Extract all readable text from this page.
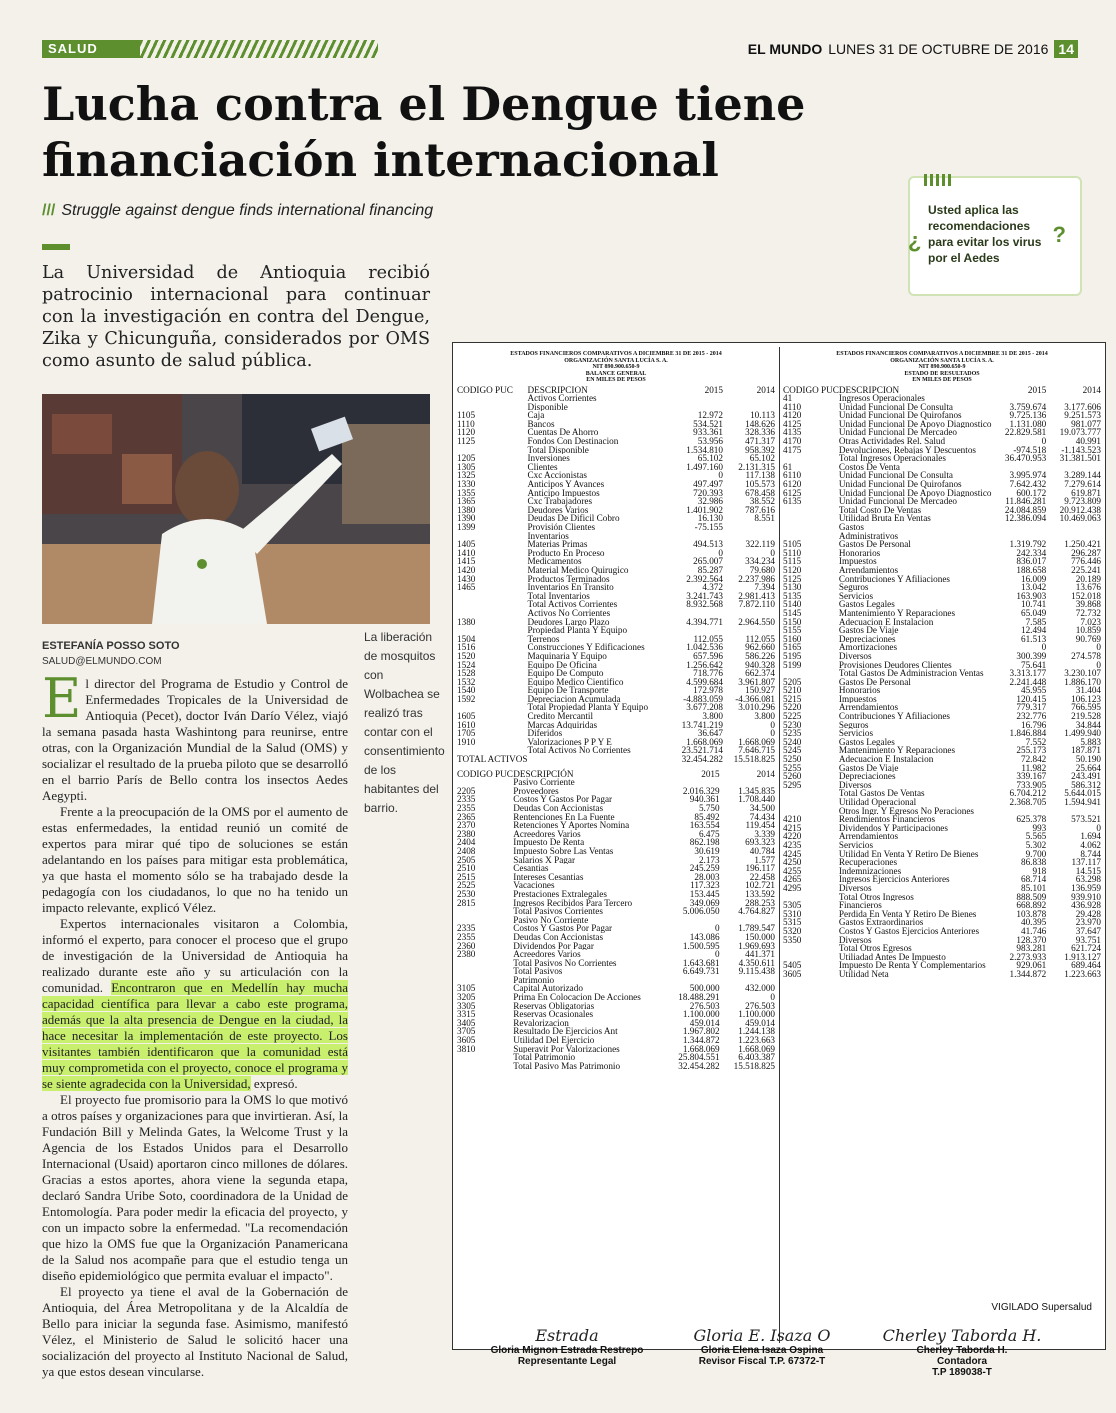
SALUD	EL MUNDO LUNES 31 DE OCTUBRE DE 2016 14
Lucha contra el Dengue tiene financiación internacional
/// Struggle against dengue finds international financing
La Universidad de Antioquia recibió patrocinio internacional para continuar con la investigación en contra del Dengue, Zika y Chicunguña, considerados por OMS como asunto de salud pública.
¿
Usted aplica las recomendaciones para evitar los virus por el Aedes
?
La liberación de mosquitos con Wolbachea se realizó tras contar con el consentimiento de los habitantes del barrio.
ESTEFANÍA POSSO SOTO
SALUD@ELMUNDO.COM

El director del Programa de Estudio y Control de Enfermedades Tropicales de la Universidad de Antioquia (Pecet), doctor Iván Darío Vélez, viajó la semana pasada hasta Washintong para reunirse, entre otras, con la Organización Mundial de la Salud (OMS) y socializar el resultado de la prueba piloto que se desarrolló en el barrio París de Bello contra los insectos Aedes Aegypti.

Frente a la preocupación de la OMS por el aumento de estas enfermedades, la entidad reunió un comité de expertos para mirar qué tipo de soluciones se están adelantando en los países para mitigar esta problemática, ya que hasta el momento sólo se ha trabajado desde la pedagogía con los ciudadanos, lo que no ha tenido un impacto relevante, explicó Vélez.

Expertos internacionales visitaron a Colombia, informó el experto, para conocer el proceso que el grupo de investigación de la Universidad de Antioquia ha realizado durante este año y su articulación con la comunidad. Encontraron que en Medellín hay mucha capacidad científica para llevar a cabo este programa, además que la alta presencia de Dengue en la ciudad, la hace necesitar la implementación de este proyecto. Los visitantes también identificaron que la comunidad está muy comprometida con el proyecto, conoce el programa y se siente agradecida con la Universidad, expresó.

El proyecto fue promisorio para la OMS lo que motivó a otros países y organizaciones para que invirtieran. Así, la Fundación Bill y Melinda Gates, la Welcome Trust y la Agencia de los Estados Unidos para el Desarrollo Internacional (Usaid) aportaron cinco millones de dólares. Gracias a estos aportes, ahora viene la segunda etapa, declaró Sandra Uribe Soto, coordinadora de la Unidad de Entomología. Para poder medir la eficacia del proyecto, y con un impacto sobre la enfermedad. "La recomendación que hizo la OMS fue que la Organización Panamericana de la Salud nos acompañe para que el estudio tenga un diseño epidemiológico que permita evaluar el impacto".

El proyecto ya tiene el aval de la Gobernación de Antioquia, del Área Metropolitana y de la Alcaldía de Bello para iniciar la segunda fase. Asimismo, manifestó Vélez, el Ministerio de Salud le solicitó hacer una socialización del proyecto al Instituto Nacional de Salud, ya que estos desean vincularse.

ESTADOS FINANCIEROS COMPARATIVOS A DICIEMBRE 31 DE 2015 - 2014
ORGANIZACIÓN SANTA LUCÍA S. A.
NIT 890.900.650-9
BALANCE GENERAL
EN MILES DE PESOS
CODIGO PUC	DESCRIPCION	2015	2014
	Activos Corrientes		
	Disponible		
1105	Caja	12.972	10.113
1110	Bancos	534.521	148.626
1120	Cuentas De Ahorro	933.361	328.336
1125	Fondos Con Destinacion	53.956	471.317
	Total Disponible	1.534.810	958.392
1205	Inversiones	65.102	65.102
1305	Clientes	1.497.160	2.131.315
1325	Cxc Accionistas	0	117.138
1330	Anticipos Y Avances	497.497	105.573
1355	Anticipo Impuestos	720.393	678.458
1365	Cxc Trabajadores	32.986	38.552
1380	Deudores Varios	1.401.902	787.616
1390	Deudas De Dificil Cobro	16.130	8.551
1399	Provisión Clientes	-75.155	
	Inventarios		
1405	Materias Primas	494.513	322.119
1410	Producto En Proceso	0	0
1415	Medicamentos	265.007	334.234
1420	Material Medico Quirugico	85.287	79.680
1430	Productos Terminados	2.392.564	2.237.986
1465	Inventarios En Transito	4.372	7.394
	Total Inventarios	3.241.743	2.981.413
	Total Activos Corrientes	8.932.568	7.872.110
	Activos No Corrientes		
1380	Deudores Largo Plazo	4.394.771	2.964.550
	Propiedad Planta Y Equipo		
1504	Terrenos	112.055	112.055
1516	Construcciones Y Edificaciones	1.042.536	962.660
1520	Maquinaria Y Equipo	657.596	586.226
1524	Equipo De Oficina	1.256.642	940.328
1528	Equipo De Computo	718.776	662.374
1532	Equipo Medico Cientifico	4.599.684	3.961.807
1540	Equipo De Transporte	172.978	150.927
1592	Depreciacion Acumulada	-4.883.059	-4.366.081
	Total Propiedad Planta Y Equipo	3.677.208	3.010.296
1605	Credito Mercantil	3.800	3.800
1610	Marcas Adquiridas	13.741.219	0
1705	Diferidos	36.647	0
1910	Valorizaciones P P Y E	1.668.069	1.668.069
	Total Activos No Corrientes	23.521.714	7.646.715
TOTAL ACTIVOS		32.454.282	15.518.825
CODIGO PUC	DESCRIPCIÓN	2015	2014
	Pasivo Corriente		
2205	Proveedores	2.016.329	1.345.835
2335	Costos Y Gastos Por Pagar	940.361	1.708.440
2355	Deudas Con Accionistas	5.750	34.500
2365	Rentenciones En La Fuente	85.492	74.434
2370	Retenciones Y Aportes Nomina	163.554	119.454
2380	Acreedores Varios	6.475	3.339
2404	Impuesto De Renta	862.198	693.323
2408	Impuesto Sobre Las Ventas	30.619	40.784
2505	Salarios X Pagar	2.173	1.577
2510	Cesantias	245.259	196.117
2515	Intereses Cesantias	28.003	22.458
2525	Vacaciones	117.323	102.721
2530	Prestaciones Extralegales	153.445	133.592
2815	Ingresos Recibidos Para Tercero	349.069	288.253
	Total Pasivos Corrientes	5.006.050	4.764.827
	Pasivo No Corriente		
2335	Costos Y Gastos Por Pagar	0	1.789.547
2355	Deudas Con Accionistas	143.086	150.000
2360	Dividendos Por Pagar	1.500.595	1.969.693
2380	Acreedores Varios	0	441.371
	Total Pasivos No Corrientes	1.643.681	4.350.611
	Total Pasivos	6.649.731	9.115.438
	Patrimonio		
3105	Capital Autorizado	500.000	432.000
3205	Prima En Colocacion De Acciones	18.488.291	0
3305	Reservas Obligatorias	276.503	276.503
3315	Reservas Ocasionales	1.100.000	1.100.000
3405	Revalorizacion	459.014	459.014
3705	Resultado De Ejercicios Ant	1.967.802	1.244.138
3605	Utilidad Del Ejercicio	1.344.872	1.223.663
3810	Superavit Por Valorizaciones	1.668.069	1.668.069
	Total Patrimonio	25.804.551	6.403.387
	Total Pasivo Mas Patrimonio	32.454.282	15.518.825
ESTADOS FINANCIEROS COMPARATIVOS A DICIEMBRE 31 DE 2015 - 2014
ORGANIZACIÓN SANTA LUCÍA S. A.
NIT 890.900.650-9
ESTADO DE RESULTADOS
EN MILES DE PESOS
CODIGO PUC	DESCRIPCION	2015	2014
41	Ingresos Operacionales		
4110	Unidad Funcional De Consulta	3.759.674	3.177.606
4120	Unidad Funcional De Quirofanos	9.725.136	9.251.573
4125	Unidad Funcional De Apoyo Diagnostico	1.131.080	981.077
4135	Unidad Funcional De Mercadeo	22.829.581	19.073.777
4170	Otras Actividades Rel. Salud	0	40.991
4175	Devoluciones, Rebajas Y Descuentos	-974.518	-1.143.523
	Total Ingresos Operacionales	36.470.953	31.381.501
61	Costos De Venta		
6110	Unidad Funcional De Consulta	3.995.974	3.289.144
6120	Unidad Funcional De Quirofanos	7.642.432	7.279.614
6125	Unidad Funcional De Apoyo Diagnostico	600.172	619.871
6135	Unidad Funcional De Mercadeo	11.846.281	9.723.809
	Total Costo De Ventas	24.084.859	20.912.438
	Utilidad Bruta En Ventas	12.386.094	10.469.063
	Gastos		
	Administrativos		
5105	Gastos De Personal	1.319.792	1.250.421
5110	Honorarios	242.334	296.287
5115	Impuestos	836.017	776.446
5120	Arrendamientos	188.658	225.241
5125	Contribuciones Y Afiliaciones	16.009	20.189
5130	Seguros	13.042	13.676
5135	Servicios	163.903	152.018
5140	Gastos Legales	10.741	39.868
5145	Mantenimiento Y Reparaciones	65.049	72.732
5150	Adecuacion E Instalacion	7.585	7.023
5155	Gastos De Viaje	12.494	10.859
5160	Depreciaciones	61.513	90.769
5165	Amortizaciones	0	0
5195	Diversos	300.399	274.578
5199	Provisiones Deudores Clientes	75.641	0
	Total Gastos De Administracion Ventas	3.313.177	3.230.107
5205	Gastos De Personal	2.241.448	1.886.170
5210	Honorarios	45.955	31.404
5215	Impuestos	120.415	106.123
5220	Arrendamientos	779.317	766.595
5225	Contribuciones Y Afiliaciones	232.776	219.528
5230	Seguros	16.796	34.844
5235	Servicios	1.846.884	1.499.940
5240	Gastos Legales	7.552	5.883
5245	Mantenimiento Y Reparaciones	255.173	187.871
5250	Adecuacion E Instalacion	72.842	50.190
5255	Gastos De Viaje	11.982	25.664
5260	Depreciaciones	339.167	243.491
5295	Diversos	733.905	586.312
	Total Gastos De Ventas	6.704.212	5.644.015
	Utilidad Operacional	2.368.705	1.594.941
	Otros Ingr. Y Egresos No Peraciones		
4210	Rendimientos Financieros	625.378	573.521
4215	Dividendos Y Participaciones	993	0
4220	Arrendamientos	5.565	1.694
4235	Servicios	5.302	4.062
4245	Utilidad En Venta Y Retiro De Bienes	9.700	8.744
4250	Recuperaciones	86.838	137.117
4255	Indemnizaciones	918	14.515
4265	Ingresos Ejercicios Anteriores	68.714	63.298
4295	Diversos	85.101	136.959
	Total Otros Ingresos	888.509	939.910
5305	Financieros	668.892	436.928
5310	Perdida En Venta Y Retiro De Bienes	103.878	29.428
5315	Gastos Extraordinarios	40.395	23.970
5320	Costos Y Gastos Ejercicios Anteriores	41.746	37.647
5350	Diversos	128.370	93.751
	Total Otros Egresos	983.281	621.724
	Utiliadad Antes De Impuesto	2.273.933	1.913.127
5405	Impuesto De Renta Y Complementarios	929.061	689.464
3605	Utilidad Neta	1.344.872	1.223.663
VIGILADO Supersalud
Estrada
Gloria Mignon Estrada Restrepo
Representante Legal
Gloria E. Isaza O
Gloria Elena Isaza Ospina
Revisor Fiscal T.P. 67372-T
Cherley Taborda H.
Cherley Taborda H.
Contadora
T.P 189038-T
